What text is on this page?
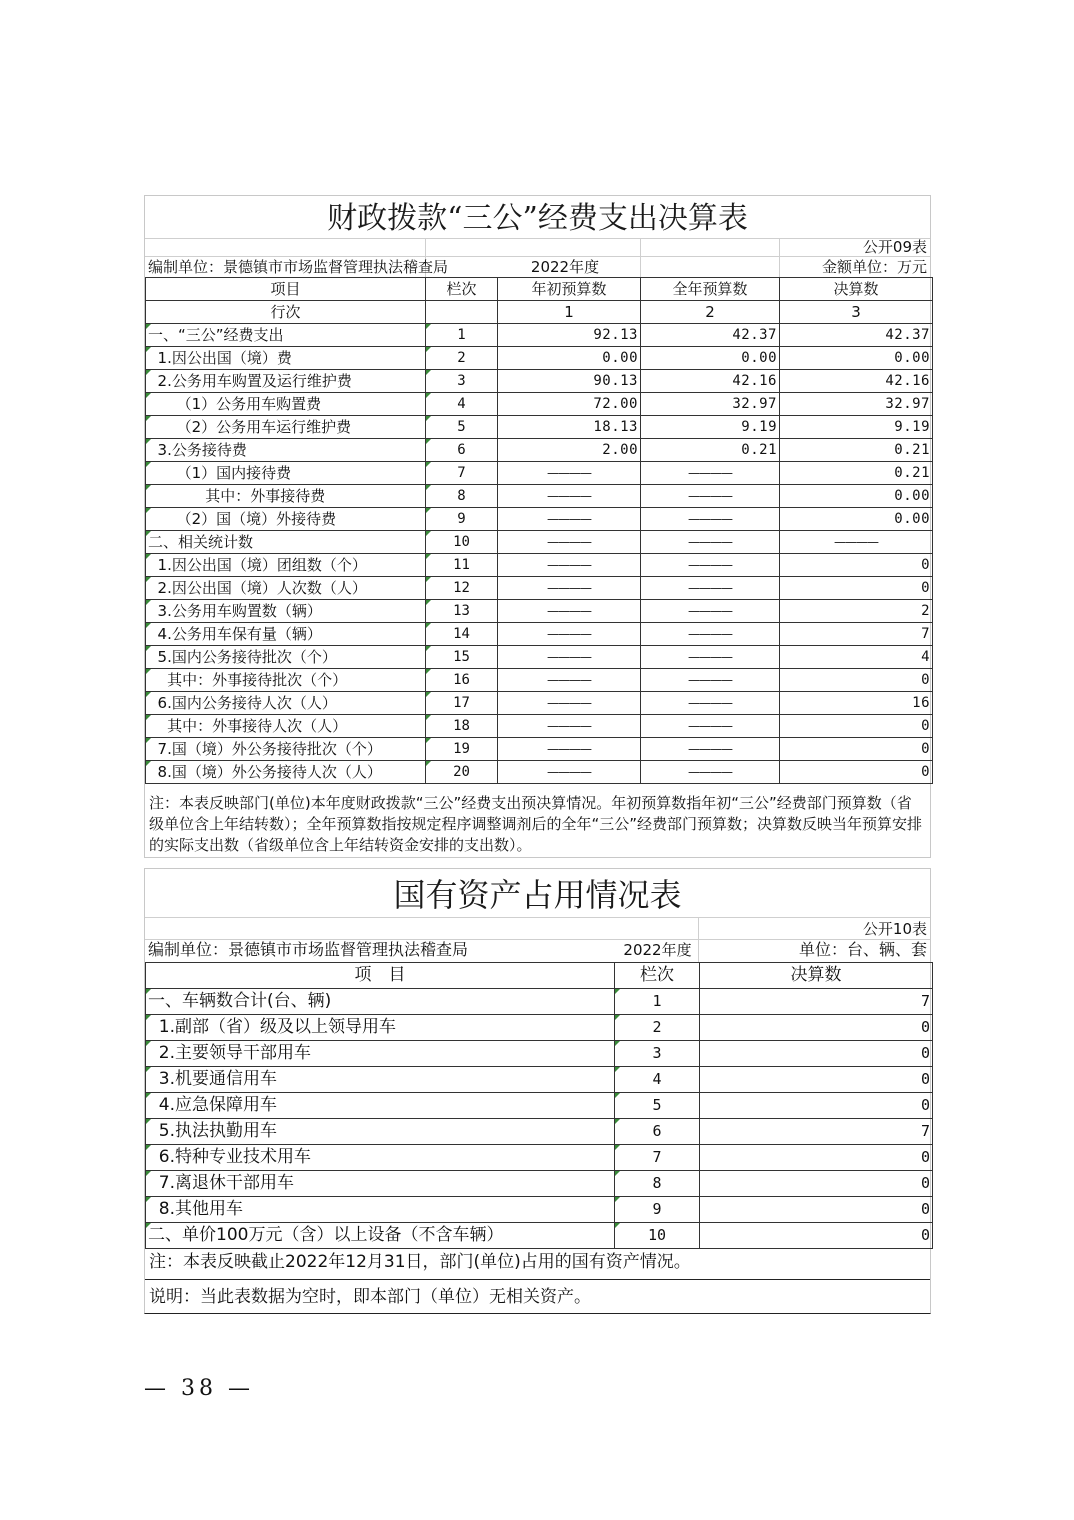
财政拨款“三公”经费支出决算表
公开09表
编制单位：景德镇市市场监督管理执法稽查局	2022年度	金额单位：万元
项目	栏次	年初预算数	全年预算数	决算数
行次		1	2	3
一、“三公”经费支出	1	92.13	42.37	42.37
1.因公出国（境）费	2	0.00	0.00	0.00
2.公务用车购置及运行维护费	3	90.13	42.16	42.16
（1）公务用车购置费	4	72.00	32.97	32.97
（2）公务用车运行维护费	5	18.13	9.19	9.19
3.公务接待费	6	2.00	0.21	0.21
（1）国内接待费	7	————	————	0.21
其中：外事接待费	8	————	————	0.00
（2）国（境）外接待费	9	————	————	0.00
二、相关统计数	10	————	————	————
1.因公出国（境）团组数（个）	11	————	————	0
2.因公出国（境）人次数（人）	12	————	————	0
3.公务用车购置数（辆）	13	————	————	2
4.公务用车保有量（辆）	14	————	————	7
5.国内公务接待批次（个）	15	————	————	4
其中：外事接待批次（个）	16	————	————	0
6.国内公务接待人次（人）	17	————	————	16
其中：外事接待人次（人）	18	————	————	0
7.国（境）外公务接待批次（个）	19	————	————	0
8.国（境）外公务接待人次（人）	20	————	————	0
注：本表反映部门(单位)本年度财政拨款“三公”经费支出预决算情况。年初预算数指年初“三公”经费部门预算数（省级单位含上年结转数）；全年预算数指按规定程序调整调剂后的全年“三公”经费部门预算数；决算数反映当年预算安排的实际支出数（省级单位含上年结转资金安排的支出数）。
国有资产占用情况表
公开10表
编制单位：景德镇市市场监督管理执法稽查局	2022年度	单位：台、辆、套
项　目	栏次	决算数
一、车辆数合计(台、辆)	1	7
1.副部（省）级及以上领导用车	2	0
2.主要领导干部用车	3	0
3.机要通信用车	4	0
4.应急保障用车	5	0
5.执法执勤用车	6	7
6.特种专业技术用车	7	0
7.离退休干部用车	8	0
8.其他用车	9	0
二、单价100万元（含）以上设备（不含车辆）	10	0
注：本表反映截止2022年12月31日，部门(单位)占用的国有资产情况。
说明：当此表数据为空时，即本部门（单位）无相关资产。
— 38 —
